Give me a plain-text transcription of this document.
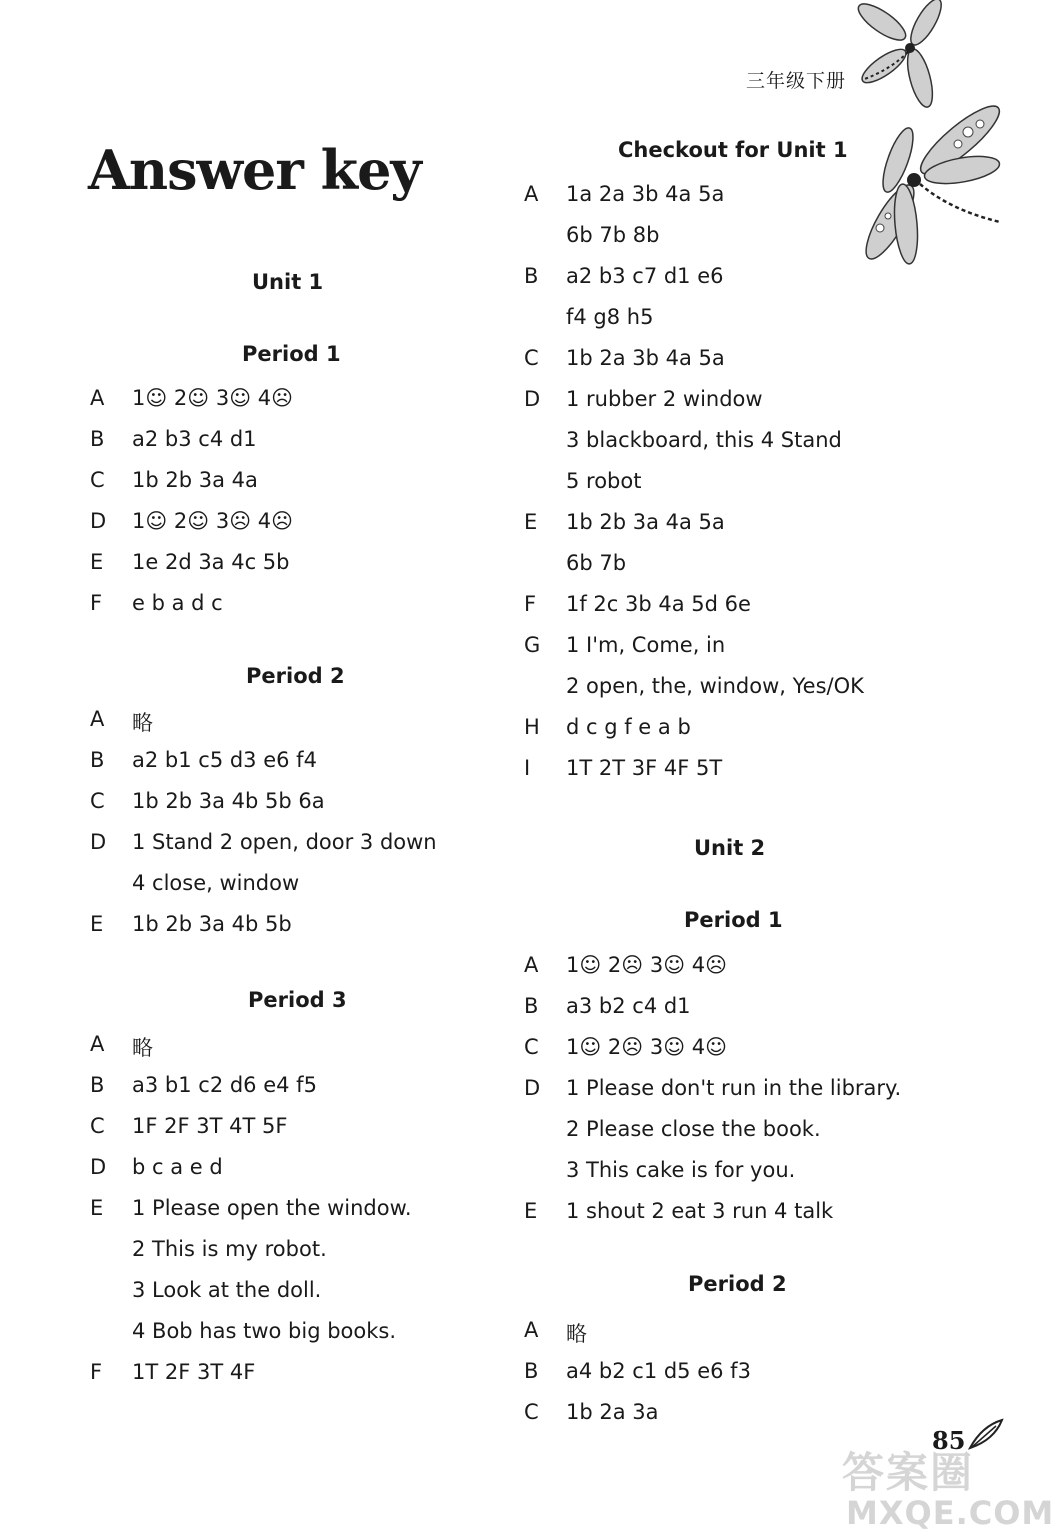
三年级下册
Answer key
Unit 1
Period 1
A	1☺ 2☺ 3☺ 4☹
B	a2 b3 c4 d1
C	1b 2b 3a 4a
D	1☺ 2☺ 3☹ 4☹
E	1e 2d 3a 4c 5b
F	e b a d c
Period 2
A	略
B	a2 b1 c5 d3 e6 f4
C	1b 2b 3a 4b 5b 6a
D	1 Stand 2 open, door 3 down
4 close, window
E	1b 2b 3a 4b 5b
Period 3
A	略
B	a3 b1 c2 d6 e4 f5
C	1F 2F 3T 4T 5F
D	b c a e d
E	1 Please open the window.
2 This is my robot.
3 Look at the doll.
4 Bob has two big books.
F	1T 2F 3T 4F
Checkout for Unit 1
A	1a 2a 3b 4a 5a
6b 7b 8b
B	a2 b3 c7 d1 e6
f4 g8 h5
C	1b 2a 3b 4a 5a
D	1 rubber 2 window
3 blackboard, this 4 Stand
5 robot
E	1b 2b 3a 4a 5a
6b 7b
F	1f 2c 3b 4a 5d 6e
G	1 I'm, Come, in
2 open, the, window, Yes/OK
H	d c g f e a b
I	1T 2T 3F 4F 5T
Unit 2
Period 1
A	1☺ 2☹ 3☺ 4☹
B	a3 b2 c4 d1
C	1☺ 2☹ 3☺ 4☺
D	1 Please don't run in the library.
2 Please close the book.
3 This cake is for you.
E	1 shout 2 eat 3 run 4 talk
Period 2
A	略
B	a4 b2 c1 d5 e6 f3
C	1b 2a 3a
答案圈
MXQE.COM
85
